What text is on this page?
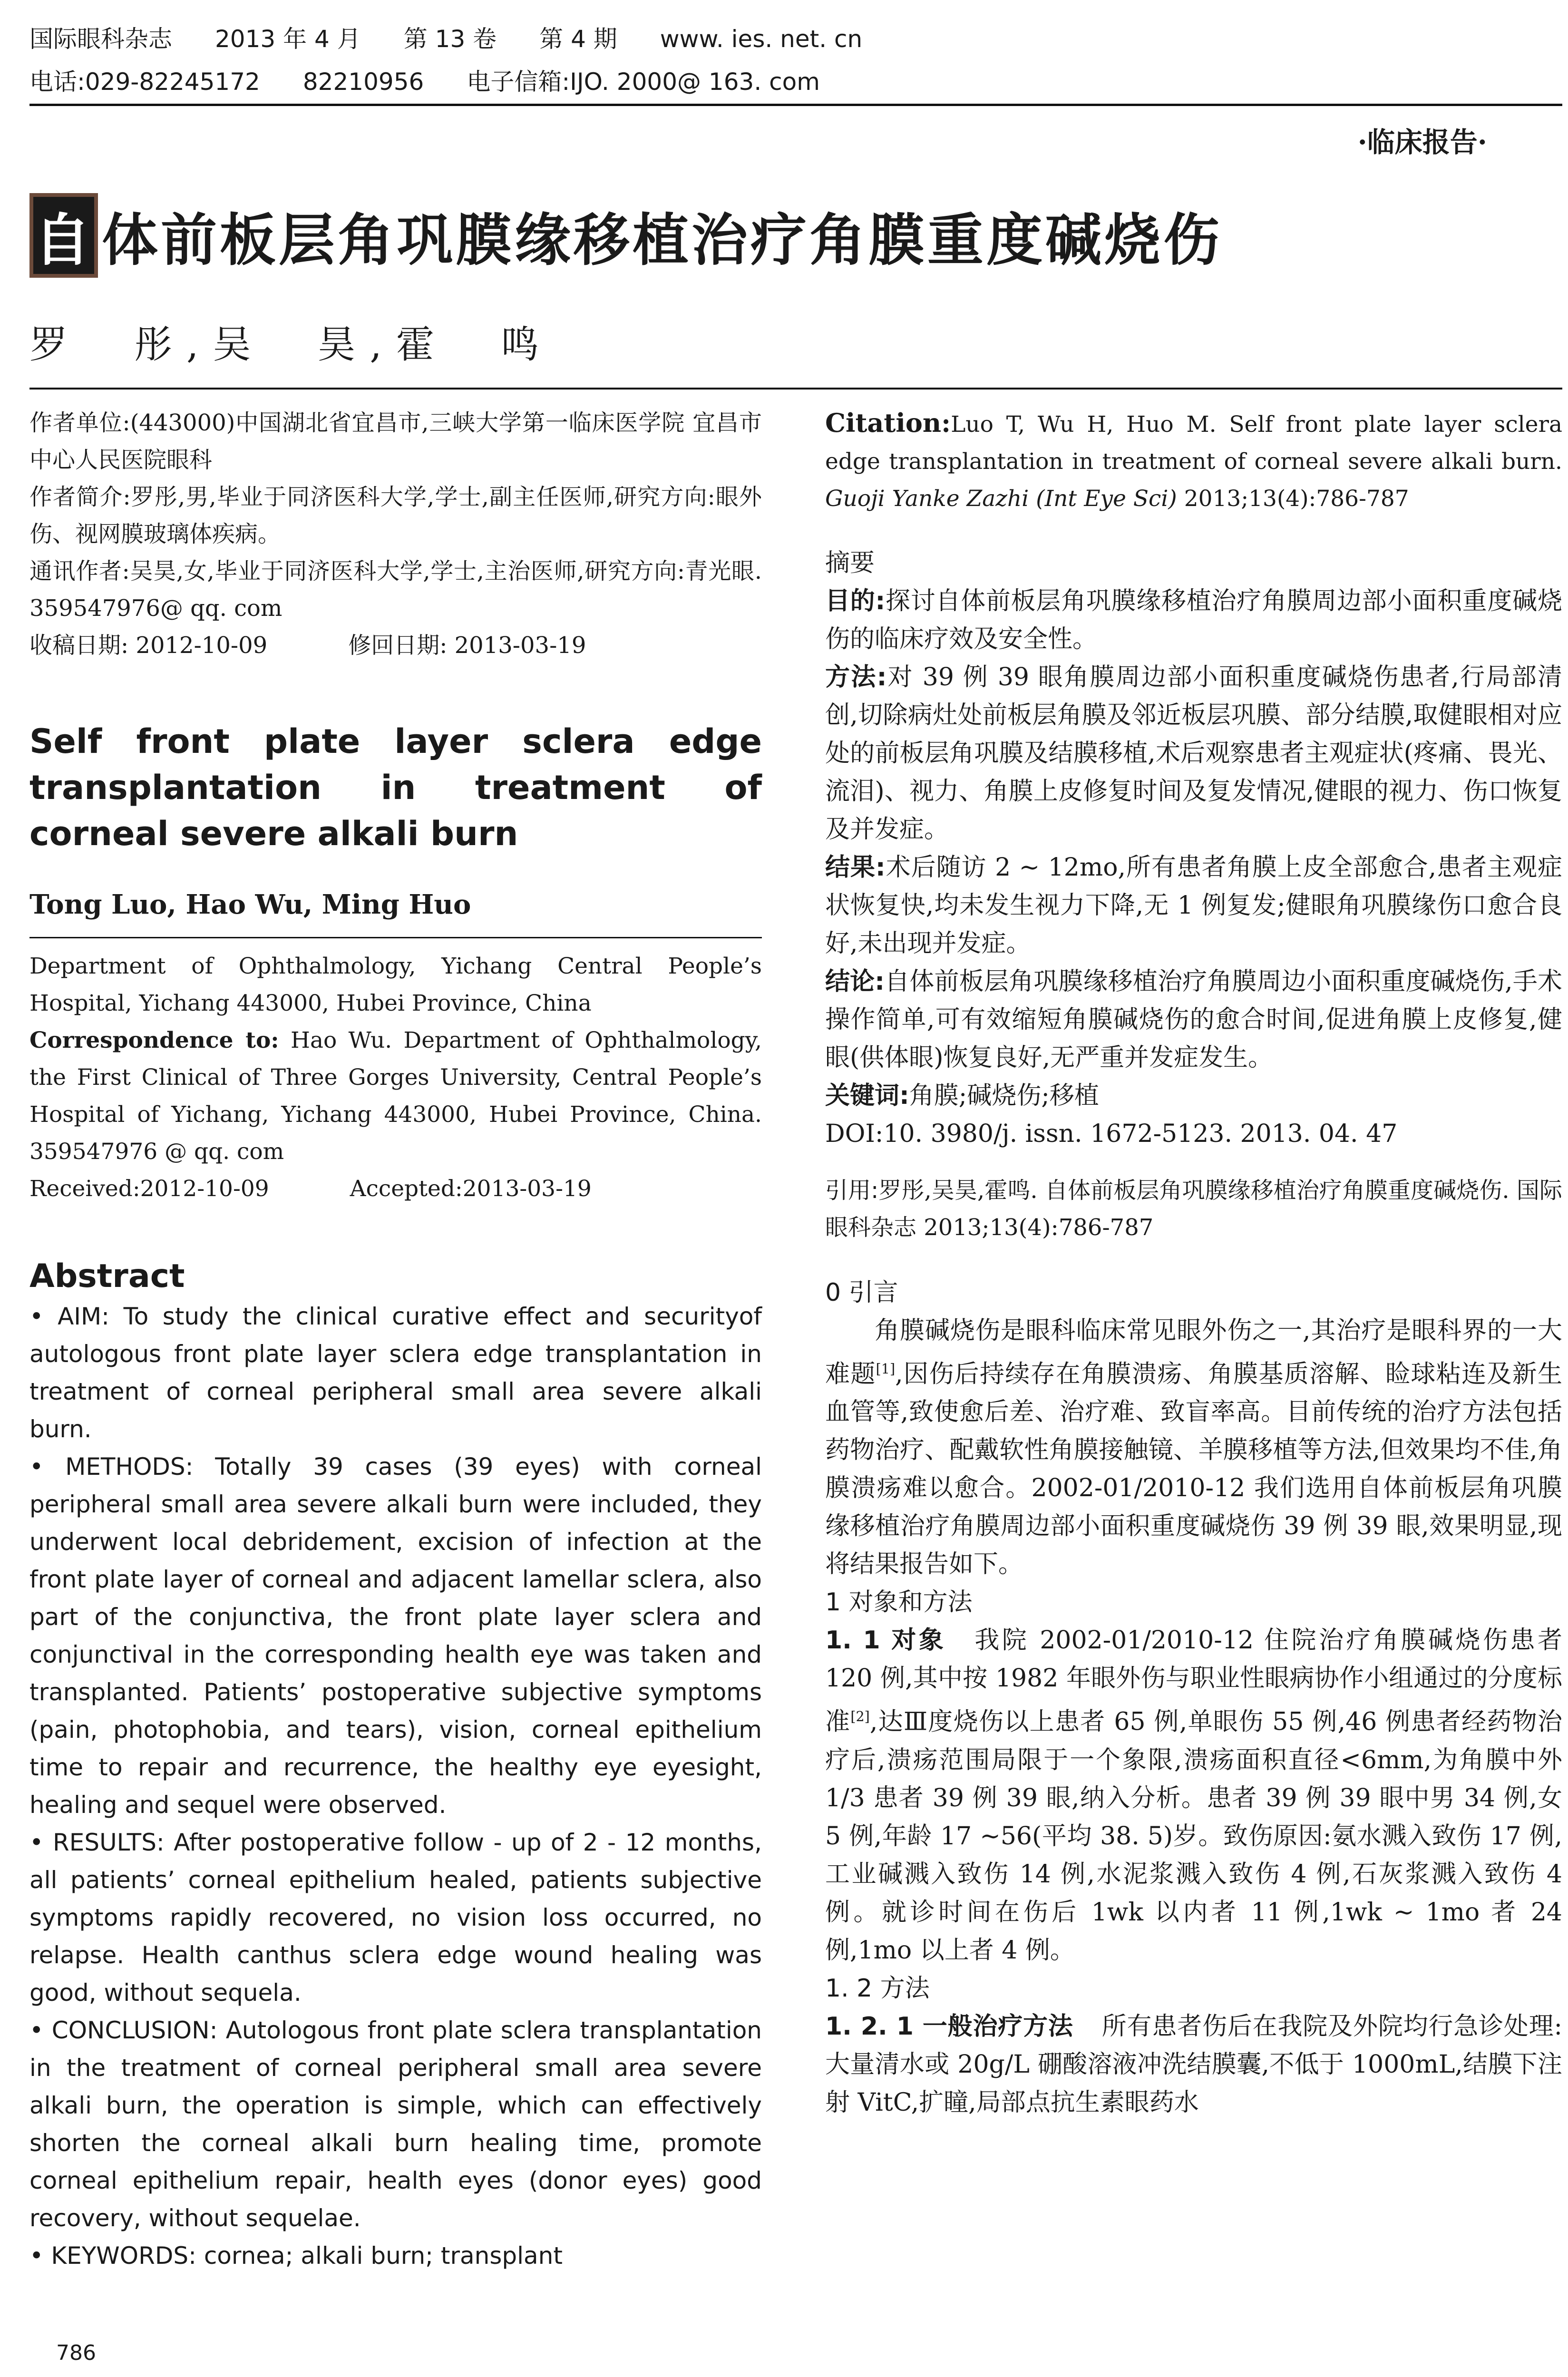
国际眼科杂志 2013 年 4 月 第 13 卷 第 4 期 www. ies. net. cn
电话:029-82245172 82210956 电子信箱:IJO. 2000@ 163. com
·临床报告·
自 体前板层角巩膜缘移植治疗角膜重度碱烧伤
罗　彤,吴　昊,霍　鸣

作者单位:(443000)中国湖北省宜昌市,三峡大学第一临床医学院 宜昌市中心人民医院眼科

作者简介:罗彤,男,毕业于同济医科大学,学士,副主任医师,研究方向:眼外伤、视网膜玻璃体疾病。

通讯作者:吴昊,女,毕业于同济医科大学,学士,主治医师,研究方向:青光眼. 359547976@ qq. com

收稿日期: 2012-10-09	修回日期: 2013-03-19

Self front plate layer sclera edge transplantation in treatment of corneal severe alkali burn

Tong Luo, Hao Wu, Ming Huo

Department of Ophthalmology, Yichang Central People’s Hospital, Yichang 443000, Hubei Province, China

Correspondence to: Hao Wu. Department of Ophthalmology, the First Clinical of Three Gorges University, Central People’s Hospital of Yichang, Yichang 443000, Hubei Province, China. 359547976 @ qq. com

Received:2012-10-09	Accepted:2013-03-19

Abstract

• AIM: To study the clinical curative effect and securityof autologous front plate layer sclera edge transplantation in treatment of corneal peripheral small area severe alkali burn.

• METHODS: Totally 39 cases (39 eyes) with corneal peripheral small area severe alkali burn were included, they underwent local debridement, excision of infection at the front plate layer of corneal and adjacent lamellar sclera, also part of the conjunctiva, the front plate layer sclera and conjunctival in the corresponding health eye was taken and transplanted. Patients’ postoperative subjective symptoms (pain, photophobia, and tears), vision, corneal epithelium time to repair and recurrence, the healthy eye eyesight, healing and sequel were observed.

• RESULTS: After postoperative follow - up of 2 - 12 months, all patients’ corneal epithelium healed, patients subjective symptoms rapidly recovered, no vision loss occurred, no relapse. Health canthus sclera edge wound healing was good, without sequela.

• CONCLUSION: Autologous front plate sclera transplantation in the treatment of corneal peripheral small area severe alkali burn, the operation is simple, which can effectively shorten the corneal alkali burn healing time, promote corneal epithelium repair, health eyes (donor eyes) good recovery, without sequelae.

• KEYWORDS: cornea; alkali burn; transplant

Citation:Luo T, Wu H, Huo M. Self front plate layer sclera edge transplantation in treatment of corneal severe alkali burn. Guoji Yanke Zazhi (Int Eye Sci) 2013;13(4):786-787

摘要

目的:探讨自体前板层角巩膜缘移植治疗角膜周边部小面积重度碱烧伤的临床疗效及安全性。

方法:对 39 例 39 眼角膜周边部小面积重度碱烧伤患者,行局部清创,切除病灶处前板层角膜及邻近板层巩膜、部分结膜,取健眼相对应处的前板层角巩膜及结膜移植,术后观察患者主观症状(疼痛、畏光、流泪)、视力、角膜上皮修复时间及复发情况,健眼的视力、伤口恢复及并发症。

结果:术后随访 2 ~ 12mo,所有患者角膜上皮全部愈合,患者主观症状恢复快,均未发生视力下降,无 1 例复发;健眼角巩膜缘伤口愈合良好,未出现并发症。

结论:自体前板层角巩膜缘移植治疗角膜周边小面积重度碱烧伤,手术操作简单,可有效缩短角膜碱烧伤的愈合时间,促进角膜上皮修复,健眼(供体眼)恢复良好,无严重并发症发生。

关键词:角膜;碱烧伤;移植

DOI:10. 3980/j. issn. 1672-5123. 2013. 04. 47

引用:罗彤,吴昊,霍鸣. 自体前板层角巩膜缘移植治疗角膜重度碱烧伤. 国际眼科杂志 2013;13(4):786-787

0 引言

角膜碱烧伤是眼科临床常见眼外伤之一,其治疗是眼科界的一大难题[1],因伤后持续存在角膜溃疡、角膜基质溶解、睑球粘连及新生血管等,致使愈后差、治疗难、致盲率高。目前传统的治疗方法包括药物治疗、配戴软性角膜接触镜、羊膜移植等方法,但效果均不佳,角膜溃疡难以愈合。2002-01/2010-12 我们选用自体前板层角巩膜缘移植治疗角膜周边部小面积重度碱烧伤 39 例 39 眼,效果明显,现将结果报告如下。

1 对象和方法

1. 1 对象 我院 2002-01/2010-12 住院治疗角膜碱烧伤患者 120 例,其中按 1982 年眼外伤与职业性眼病协作小组通过的分度标准[2],达Ⅲ度烧伤以上患者 65 例,单眼伤 55 例,46 例患者经药物治疗后,溃疡范围局限于一个象限,溃疡面积直径<6mm,为角膜中外 1/3 患者 39 例 39 眼,纳入分析。患者 39 例 39 眼中男 34 例,女 5 例,年龄 17 ~56(平均 38. 5)岁。致伤原因:氨水溅入致伤 17 例,工业碱溅入致伤 14 例,水泥浆溅入致伤 4 例,石灰浆溅入致伤 4 例。就诊时间在伤后 1wk 以内者 11 例,1wk ~ 1mo 者 24 例,1mo 以上者 4 例。

1. 2 方法

1. 2. 1 一般治疗方法 所有患者伤后在我院及外院均行急诊处理:大量清水或 20g/L 硼酸溶液冲洗结膜囊,不低于 1000mL,结膜下注射 VitC,扩瞳,局部点抗生素眼药水

786
